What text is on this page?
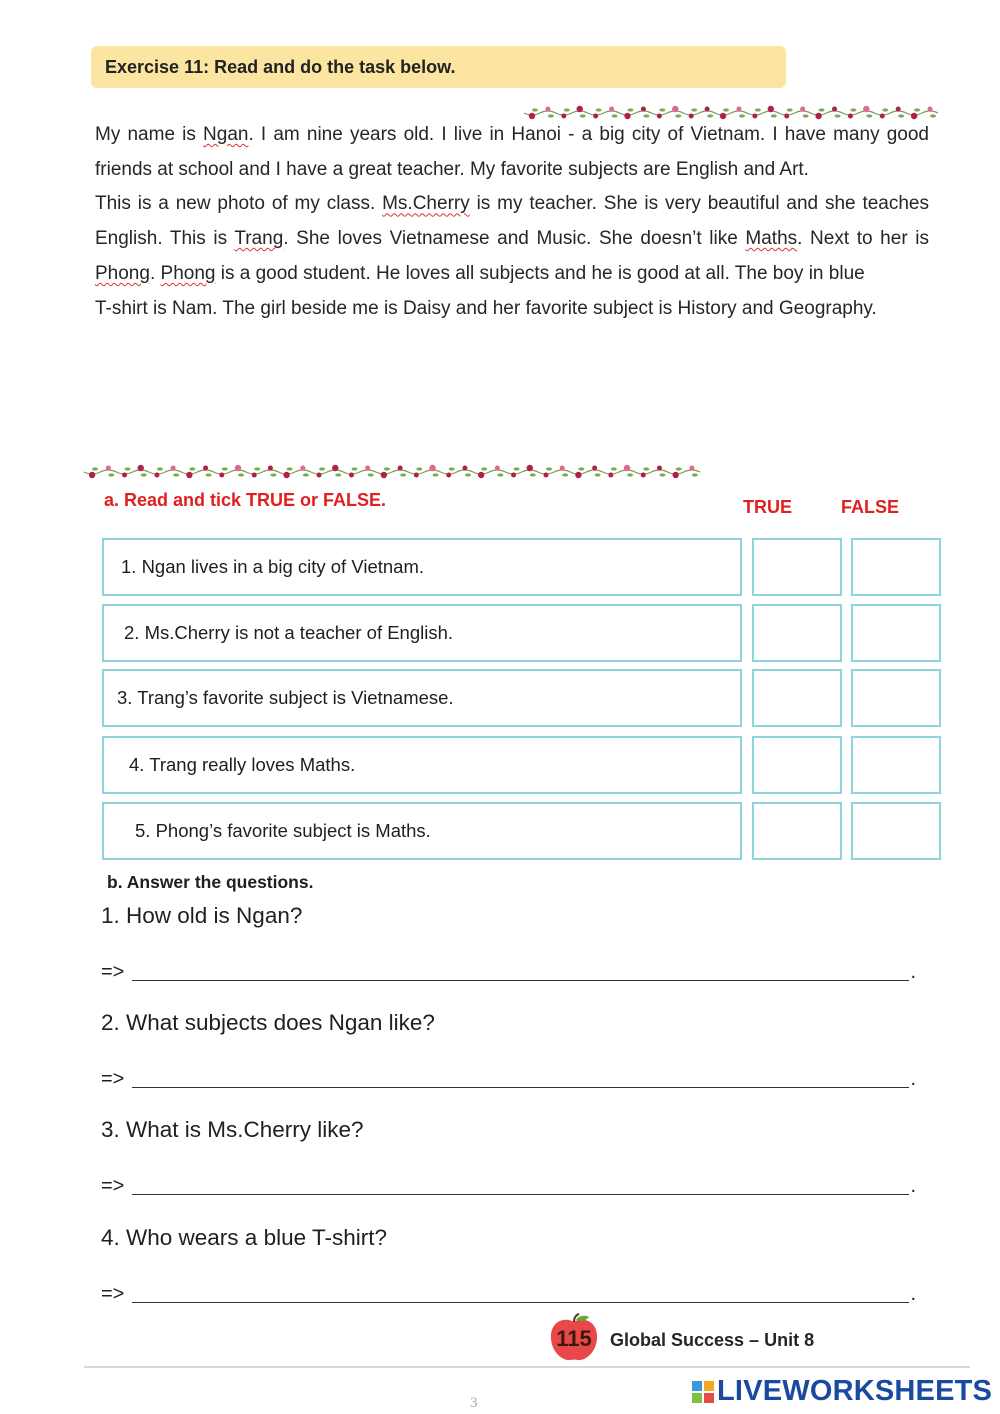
Exercise 11: Read and do the task below.

My name is Ngan. I am nine years old. I live in Hanoi - a big city of Vietnam. I have many good friends at school and I have a great teacher. My favorite subjects are English and Art.

This is a new photo of my class. Ms.Cherry is my teacher. She is very beautiful and she teaches English. This is Trang. She loves Vietnamese and Music. She doesn’t like Maths. Next to her is Phong. Phong is a good student. He loves all subjects and he is good at all. The boy in blue

T-shirt is Nam. The girl beside me is Daisy and her favorite subject is History and Geography.

a. Read and tick TRUE or FALSE.	TRUE	FALSE
1. Ngan lives in a big city of Vietnam.
2. Ms.Cherry is not a teacher of English.
3. Trang’s favorite subject is Vietnamese.
4. Trang really loves Maths.
5. Phong’s favorite subject is Maths.
b. Answer the questions.
1. How old is Ngan?
=>	.
2. What subjects does Ngan like?
=>	.
3. What is Ms.Cherry like?
=>	.
4. Who wears a blue T-shirt?
=>	.
115	Global Success – Unit 8
LIVEWORKSHEETS
3
